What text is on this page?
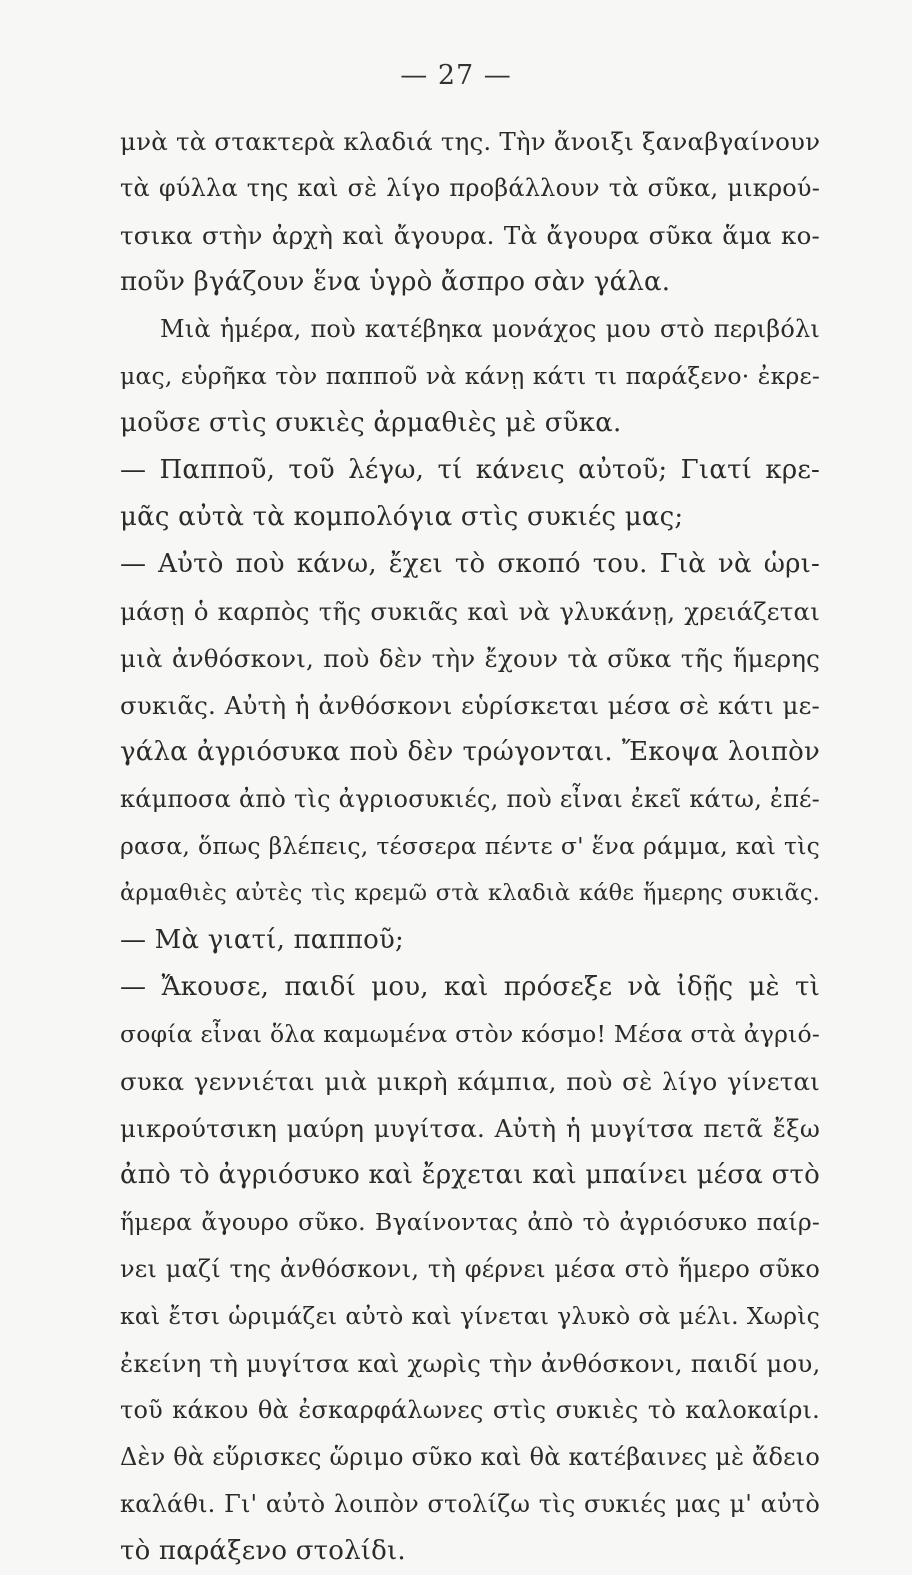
— 27 —
μνὰ τὰ στακτερὰ κλαδιά της. Τὴν ἄνοιξι ξαναβγαίνουν
τὰ φύλλα της καὶ σὲ λίγο προβάλλουν τὰ σῦκα, μικρού-
τσικα στὴν ἀρχὴ καὶ ἄγουρα. Τὰ ἄγουρα σῦκα ἅμα κο-
ποῦν βγάζουν ἕνα ὑγρὸ ἄσπρο σὰν γάλα.
Μιὰ ἡμέρα, ποὺ κατέβηκα μονάχος μου στὸ περιβόλι
μας, εὑρῆκα τὸν παπποῦ νὰ κάνῃ κάτι τι παράξενο· ἐκρε-
μοῦσε στὶς συκιὲς ἀρμαθιὲς μὲ σῦκα.
— Παπποῦ, τοῦ λέγω, τί κάνεις αὐτοῦ; Γιατί κρε-
μᾶς αὐτὰ τὰ κομπολόγια στὶς συκιές μας;
— Αὐτὸ ποὺ κάνω, ἔχει τὸ σκοπό του. Γιὰ νὰ ὡρι-
μάσῃ ὁ καρπὸς τῆς συκιᾶς καὶ νὰ γλυκάνῃ, χρειάζεται
μιὰ ἀνθόσκονι, ποὺ δὲν τὴν ἔχουν τὰ σῦκα τῆς ἥμερης
συκιᾶς. Αὐτὴ ἡ ἀνθόσκονι εὑρίσκεται μέσα σὲ κάτι με-
γάλα ἀγριόσυκα ποὺ δὲν τρώγονται. Ἔκοψα λοιπὸν
κάμποσα ἀπὸ τὶς ἀγριοσυκιές, ποὺ εἶναι ἐκεῖ κάτω, ἐπέ-
ρασα, ὅπως βλέπεις, τέσσερα πέντε σ' ἕνα ράμμα, καὶ τὶς
ἀρμαθιὲς αὐτὲς τὶς κρεμῶ στὰ κλαδιὰ κάθε ἥμερης συκιᾶς.
— Μὰ γιατί, παπποῦ;
— Ἄκουσε, παιδί μου, καὶ πρόσεξε νὰ ἰδῇς μὲ τὶ
σοφία εἶναι ὅλα καμωμένα στὸν κόσμο! Μέσα στὰ ἀγριό-
συκα γεννιέται μιὰ μικρὴ κάμπια, ποὺ σὲ λίγο γίνεται
μικρούτσικη μαύρη μυγίτσα. Αὐτὴ ἡ μυγίτσα πετᾶ ἔξω
ἀπὸ τὸ ἀγριόσυκο καὶ ἔρχεται καὶ μπαίνει μέσα στὸ
ἥμερα ἄγουρο σῦκο. Βγαίνοντας ἀπὸ τὸ ἀγριόσυκο παίρ-
νει μαζί της ἀνθόσκονι, τὴ φέρνει μέσα στὸ ἥμερο σῦκο
καὶ ἔτσι ὡριμάζει αὐτὸ καὶ γίνεται γλυκὸ σὰ μέλι. Χωρὶς
ἐκείνη τὴ μυγίτσα καὶ χωρὶς τὴν ἀνθόσκονι, παιδί μου,
τοῦ κάκου θὰ ἐσκαρφάλωνες στὶς συκιὲς τὸ καλοκαίρι.
Δὲν θὰ εὕρισκες ὥριμο σῦκο καὶ θὰ κατέβαινες μὲ ἄδειο
καλάθι. Γι' αὐτὸ λοιπὸν στολίζω τὶς συκιές μας μ' αὐτὸ
τὸ παράξενο στολίδι.
